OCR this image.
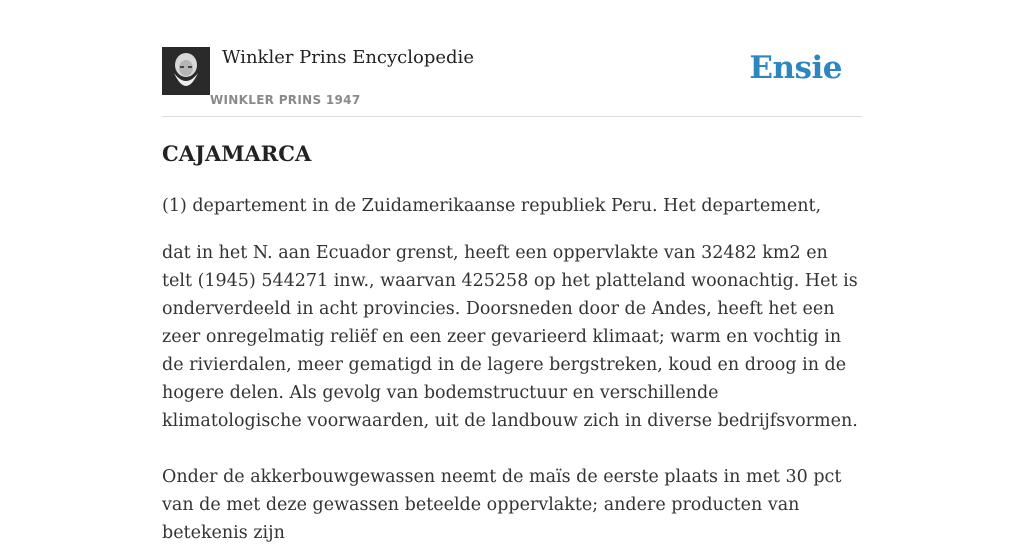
Winkler Prins Encyclopedie
WINKLER PRINS 1947
Ensie
CAJAMARCA

(1) departement in de Zuidamerikaanse republiek Peru. Het departement,

dat in het N. aan Ecuador grenst, heeft een oppervlakte van 32482 km2 en telt (1945) 544271 inw., waarvan 425258 op het platteland woonachtig. Het is onderverdeeld in acht provincies. Doorsneden door de Andes, heeft het een zeer onregelmatig reliëf en een zeer gevarieerd klimaat; warm en vochtig in de rivierdalen, meer gematigd in de lagere bergstreken, koud en droog in de hogere delen. Als gevolg van bodemstructuur en verschillende klimatologische voorwaarden, uit de landbouw zich in diverse bedrijfsvormen.

Onder de akkerbouwgewassen neemt de maïs de eerste plaats in met 30 pct van de met deze gewassen beteelde oppervlakte; andere producten van betekenis zijn
